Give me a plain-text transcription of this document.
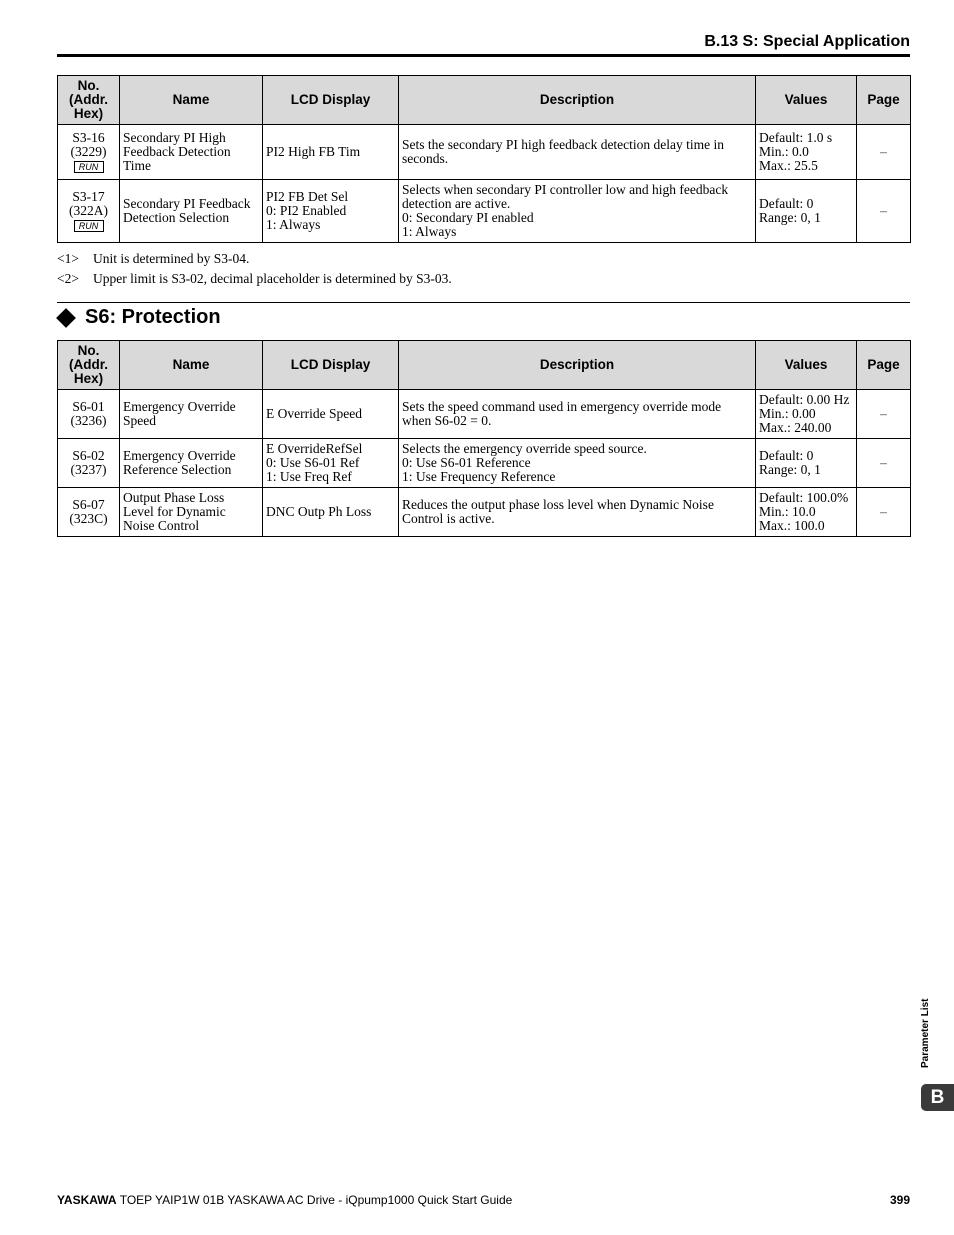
B.13 S: Special Application
No.
(Addr.
Hex)	Name	LCD Display	Description	Values	Page

S3-16
(3229)
RUN	Secondary PI High
Feedback Detection
Time	PI2 High FB Tim	Sets the secondary PI high feedback detection delay time in
seconds.	Default: 1.0 s
Min.: 0.0
Max.: 25.5	–

S3-17
(322A)
RUN	Secondary PI Feedback
Detection Selection	PI2 FB Det Sel
0: PI2 Enabled
1: Always	Selects when secondary PI controller low and high feedback
detection are active.
0: Secondary PI enabled
1: Always	Default: 0
Range: 0, 1	–
<1>	Unit is determined by S3-04.
<2>	Upper limit is S3-02, decimal placeholder is determined by S3-03.
S6: Protection
No.
(Addr.
Hex)	Name	LCD Display	Description	Values	Page

S6-01
(3236)	Emergency Override
Speed	E Override Speed	Sets the speed command used in emergency override mode
when S6-02 = 0.	Default: 0.00 Hz
Min.: 0.00
Max.: 240.00	–

S6-02
(3237)	Emergency Override
Reference Selection	E OverrideRefSel
0: Use S6-01 Ref
1: Use Freq Ref	Selects the emergency override speed source.
0: Use S6-01 Reference
1: Use Frequency Reference	Default: 0
Range: 0, 1	–

S6-07
(323C)	Output Phase Loss
Level for Dynamic
Noise Control	DNC Outp Ph Loss	Reduces the output phase loss level when Dynamic Noise
Control is active.	Default: 100.0%
Min.: 10.0
Max.: 100.0	–
Parameter List
B
YASKAWA TOEP YAIP1W 01B YASKAWA AC Drive - iQpump1000 Quick Start Guide	399
